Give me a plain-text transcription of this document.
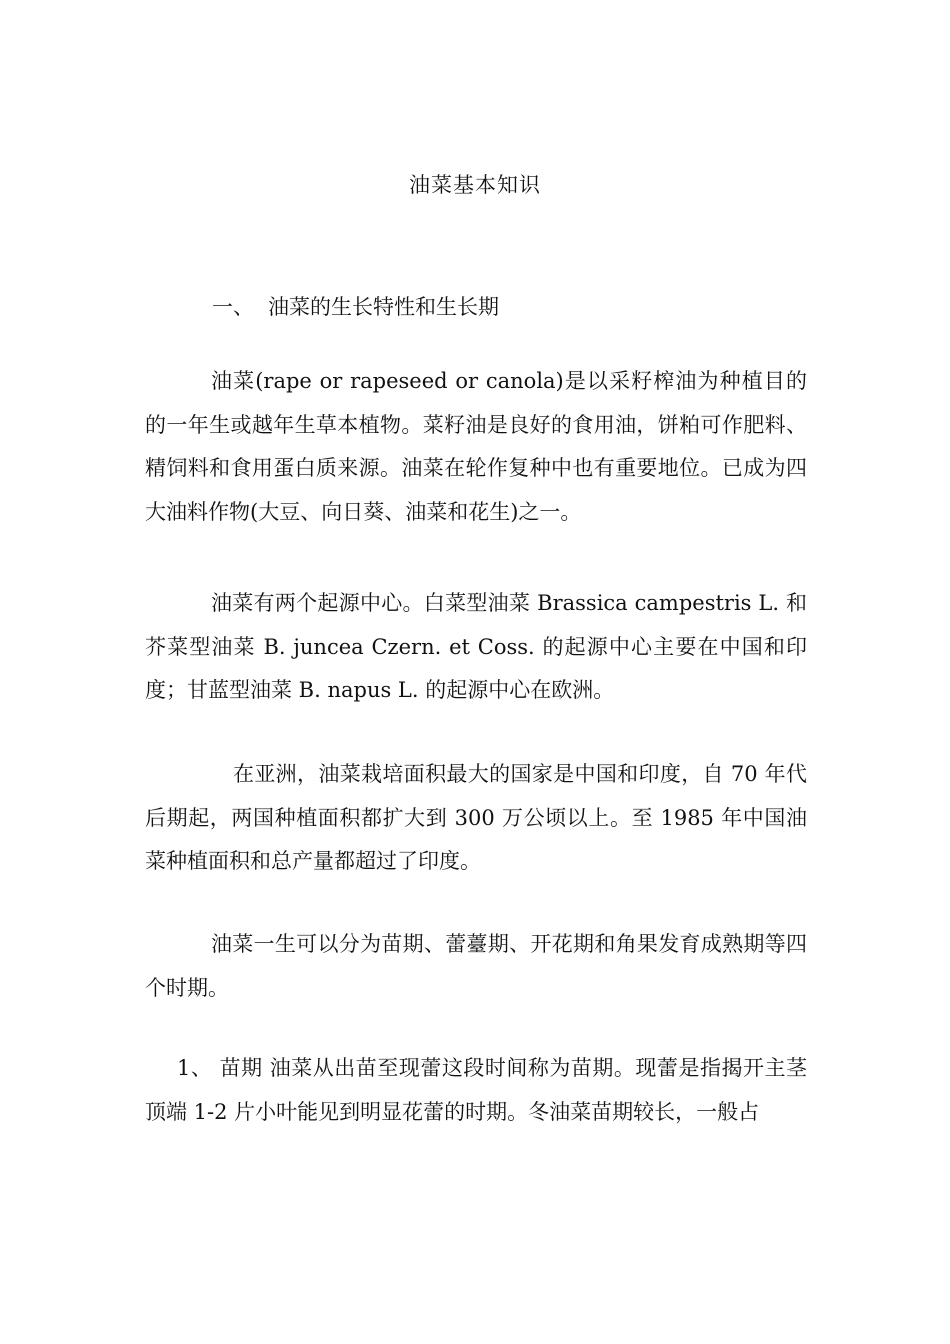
油菜基本知识
一、 油菜的生长特性和生长期

油菜(rape or rapeseed or canola)是以采籽榨油为种植目的的一年生或越年生草本植物。菜籽油是良好的食用油，饼粕可作肥料、精饲料和食用蛋白质来源。油菜在轮作复种中也有重要地位。已成为四大油料作物(大豆、向日葵、油菜和花生)之一。

油菜有两个起源中心。白菜型油菜 Brassica campestris L. 和芥菜型油菜 B. juncea Czern. et Coss. 的起源中心主要在中国和印度；甘蓝型油菜 B. napus L. 的起源中心在欧洲。

在亚洲，油菜栽培面积最大的国家是中国和印度，自 70 年代后期起，两国种植面积都扩大到 300 万公顷以上。至 1985 年中国油菜种植面积和总产量都超过了印度。

油菜一生可以分为苗期、蕾薹期、开花期和角果发育成熟期等四个时期。

1、 苗期 油菜从出苗至现蕾这段时间称为苗期。现蕾是指揭开主茎顶端 1-2 片小叶能见到明显花蕾的时期。冬油菜苗期较长，一般占
